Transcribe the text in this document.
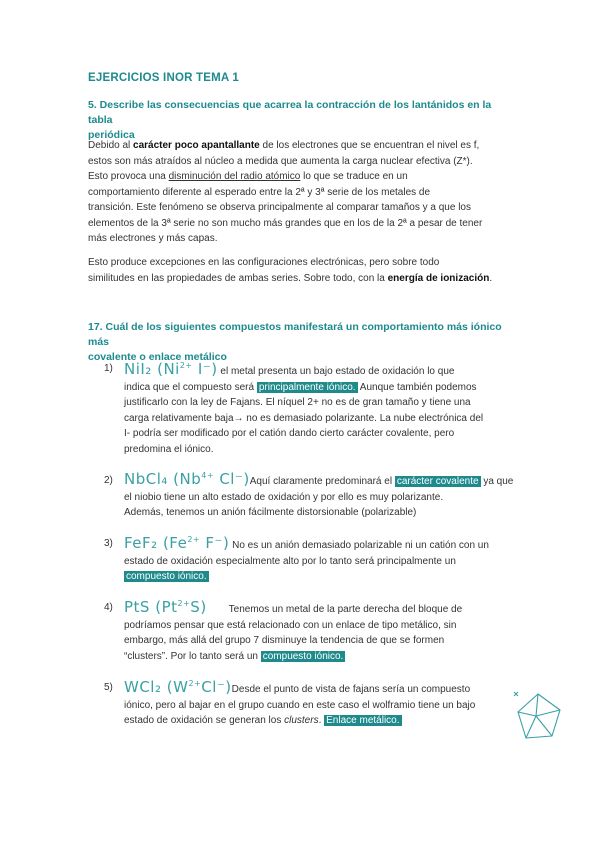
EJERCICIOS INOR TEMA 1
5. Describe las consecuencias que acarrea la contracción de los lantánidos en la tabla
periódica
Debido al carácter poco apantallante de los electrones que se encuentran el nivel es f,
estos son más atraídos al núcleo a medida que aumenta la carga nuclear efectiva (Z*).
Esto provoca una disminución del radio atómico lo que se traduce en un
comportamiento diferente al esperado entre la 2ª y 3ª serie de los metales de
transición. Este fenómeno se observa principalmente al comparar tamaños y a que los
elementos de la 3ª serie no son mucho más grandes que en los de la 2ª a pesar de tener
más electrones y más capas.
Esto produce excepciones en las configuraciones electrónicas, pero sobre todo
similitudes en las propiedades de ambas series. Sobre todo, con la energía de ionización.
17. Cuál de los siguientes compuestos manifestará un comportamiento más iónico más
covalente o enlace metálico
1) NiI₂ ($Ni^{2+}$ I⁻) el metal presenta un bajo estado de oxidación lo que
indica que el compuesto será principalmente iónico. Aunque también podemos
justificarlo con la ley de Fajans. El níquel 2+ no es de gran tamaño y tiene una
carga relativamente baja→ no es demasiado polarizante. La nube electrónica del
I- podría ser modificado por el catión dando cierto carácter covalente, pero
predomina el iónico.
2) NbCl₄ ($Nb^{4+}$ Cl⁻)Aquí claramente predominará el carácter covalente ya que
el niobio tiene un alto estado de oxidación y por ello es muy polarizante.
Además, tenemos un anión fácilmente distorsionable (polarizable)
3) FeF₂ ($Fe^{2+}$ F⁻) No es un anión demasiado polarizable ni un catión con un
estado de oxidación especialmente alto por lo tanto será principalmente un
compuesto iónico.
4) PtS $(Pt^{2+}S)$ Tenemos un metal de la parte derecha del bloque de
podríamos pensar que está relacionado con un enlace de tipo metálico, sin
embargo, más allá del grupo 7 disminuye la tendencia de que se formen
“clusters”. Por lo tanto será un compuesto iónico.
5) WCl₂ $(W^{2+}Cl^-)Desde$ el punto de vista de fajans sería un compuesto
iónico, pero al bajar en el grupo cuando en este caso el wolframio tiene un bajo
estado de oxidación se generan los clusters. Enlace metálico.
